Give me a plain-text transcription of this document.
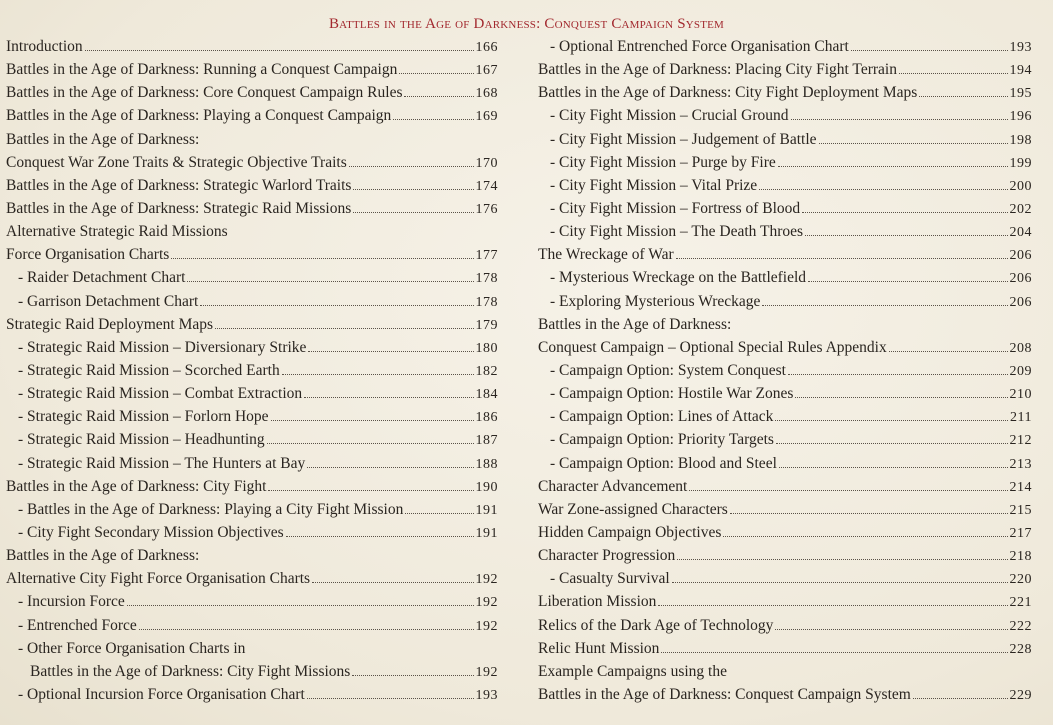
Battles in the Age of Darkness: Conquest Campaign System
Introduction	166
Battles in the Age of Darkness: Running a Conquest Campaign	167
Battles in the Age of Darkness: Core Conquest Campaign Rules	168
Battles in the Age of Darkness: Playing a Conquest Campaign	169
Battles in the Age of Darkness:
Conquest War Zone Traits & Strategic Objective Traits	170
Battles in the Age of Darkness: Strategic Warlord Traits	174
Battles in the Age of Darkness: Strategic Raid Missions	176
Alternative Strategic Raid Missions
Force Organisation Charts	177
- Raider Detachment Chart	178
- Garrison Detachment Chart	178
Strategic Raid Deployment Maps	179
- Strategic Raid Mission – Diversionary Strike	180
- Strategic Raid Mission – Scorched Earth	182
- Strategic Raid Mission – Combat Extraction	184
- Strategic Raid Mission – Forlorn Hope	186
- Strategic Raid Mission – Headhunting	187
- Strategic Raid Mission – The Hunters at Bay	188
Battles in the Age of Darkness: City Fight	190
- Battles in the Age of Darkness: Playing a City Fight Mission	191
- City Fight Secondary Mission Objectives	191
Battles in the Age of Darkness:
Alternative City Fight Force Organisation Charts	192
- Incursion Force	192
- Entrenched Force	192
- Other Force Organisation Charts in
Battles in the Age of Darkness: City Fight Missions	192
- Optional Incursion Force Organisation Chart	193
- Optional Entrenched Force Organisation Chart	193
Battles in the Age of Darkness: Placing City Fight Terrain	194
Battles in the Age of Darkness: City Fight Deployment Maps	195
- City Fight Mission – Crucial Ground	196
- City Fight Mission – Judgement of Battle	198
- City Fight Mission – Purge by Fire	199
- City Fight Mission – Vital Prize	200
- City Fight Mission – Fortress of Blood	202
- City Fight Mission – The Death Throes	204
The Wreckage of War	206
- Mysterious Wreckage on the Battlefield	206
- Exploring Mysterious Wreckage	206
Battles in the Age of Darkness:
Conquest Campaign – Optional Special Rules Appendix	208
- Campaign Option: System Conquest	209
- Campaign Option: Hostile War Zones	210
- Campaign Option: Lines of Attack	211
- Campaign Option: Priority Targets	212
- Campaign Option: Blood and Steel	213
Character Advancement	214
War Zone-assigned Characters	215
Hidden Campaign Objectives	217
Character Progression	218
- Casualty Survival	220
Liberation Mission	221
Relics of the Dark Age of Technology	222
Relic Hunt Mission	228
Example Campaigns using the
Battles in the Age of Darkness: Conquest Campaign System	229
